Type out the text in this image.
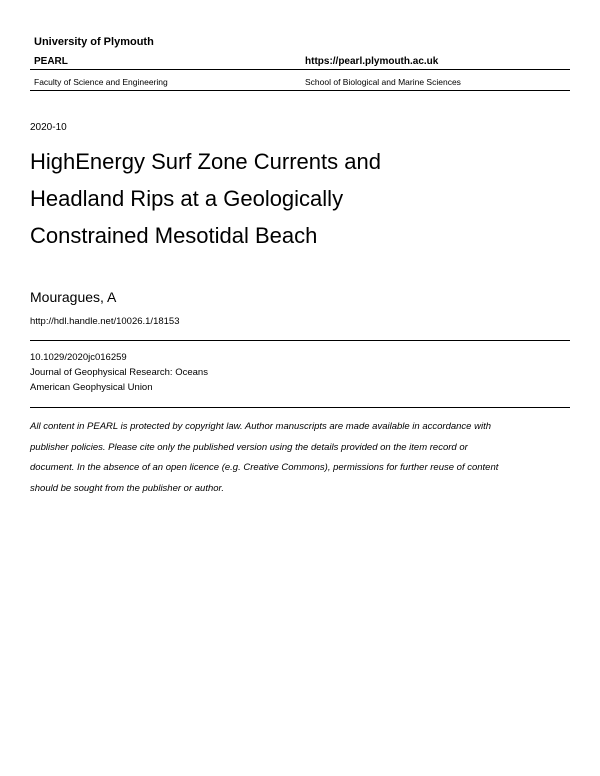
University of Plymouth
PEARL	https://pearl.plymouth.ac.uk
Faculty of Science and Engineering	School of Biological and Marine Sciences
2020-10
HighEnergy Surf Zone Currents and
Headland Rips at a Geologically
Constrained Mesotidal Beach
Mouragues, A
http://hdl.handle.net/10026.1/18153
10.1029/2020jc016259
Journal of Geophysical Research: Oceans
American Geophysical Union
All content in PEARL is protected by copyright law. Author manuscripts are made available in accordance with
publisher policies. Please cite only the published version using the details provided on the item record or
document. In the absence of an open licence (e.g. Creative Commons), permissions for further reuse of content
should be sought from the publisher or author.
